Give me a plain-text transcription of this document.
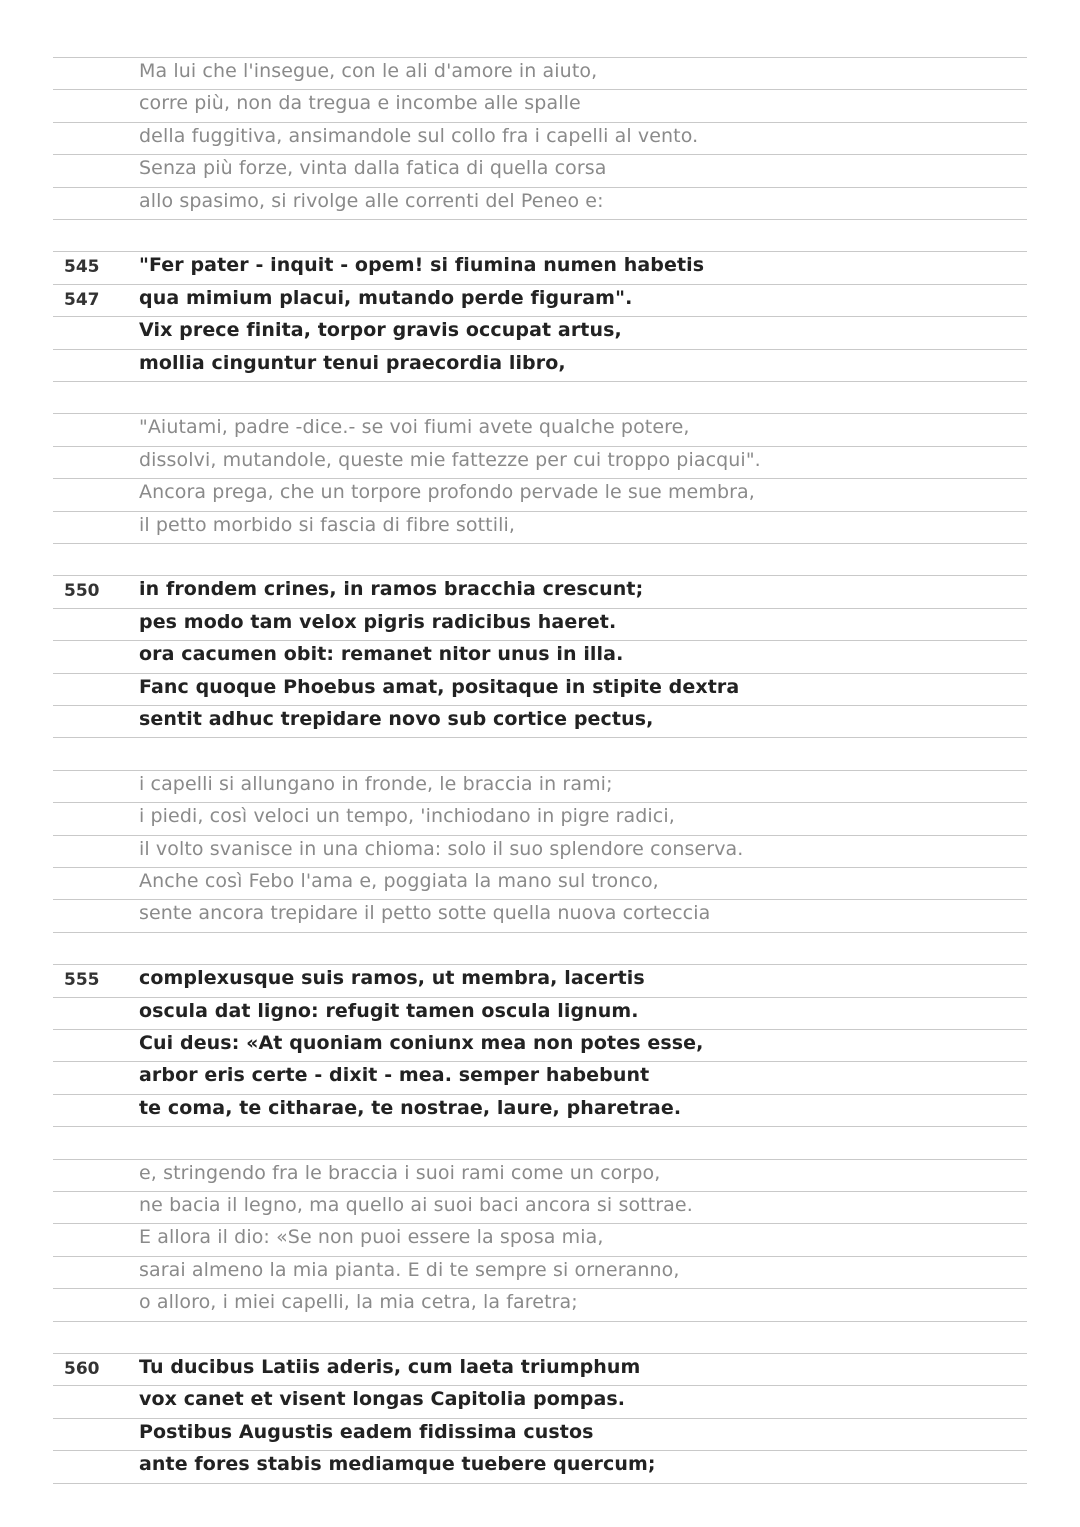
Ma lui che l'insegue, con le ali d'amore in aiuto,
corre più, non da tregua e incombe alle spalle
della fuggitiva, ansimandole sul collo fra i capelli al vento.
Senza più forze, vinta dalla fatica di quella corsa
allo spasimo, si rivolge alle correnti del Peneo e:
545 "Fer pater - inquit - opem! si fiumina numen habetis
547 qua mimium placui, mutando perde figuram".
Vix prece finita, torpor gravis occupat artus,
mollia cinguntur tenui praecordia libro,
"Aiutami, padre -dice.- se voi fiumi avete qualche potere,
dissolvi, mutandole, queste mie fattezze per cui troppo piacqui".
Ancora prega, che un torpore profondo pervade le sue membra,
il petto morbido si fascia di fibre sottili,
550 in frondem crines, in ramos bracchia crescunt;
pes modo tam velox pigris radicibus haeret.
ora cacumen obit: remanet nitor unus in illa.
Fanc quoque Phoebus amat, positaque in stipite dextra
sentit adhuc trepidare novo sub cortice pectus,
i capelli si allungano in fronde, le braccia in rami;
i piedi, così veloci un tempo, 'inchiodano in pigre radici,
il volto svanisce in una chioma: solo il suo splendore conserva.
Anche così Febo l'ama e, poggiata la mano sul tronco,
sente ancora trepidare il petto sotte quella nuova corteccia
555 complexusque suis ramos, ut membra, lacertis
oscula dat ligno: refugit tamen oscula lignum.
Cui deus: «At quoniam coniunx mea non potes esse,
arbor eris certe - dixit - mea. semper habebunt
te coma, te citharae, te nostrae, laure, pharetrae.
e, stringendo fra le braccia i suoi rami come un corpo,
ne bacia il legno, ma quello ai suoi baci ancora si sottrae.
E allora il dio: «Se non puoi essere la sposa mia,
sarai almeno la mia pianta. E di te sempre si orneranno,
o alloro, i miei capelli, la mia cetra, la faretra;
560 Tu ducibus Latiis aderis, cum laeta triumphum
vox canet et visent longas Capitolia pompas.
Postibus Augustis eadem fidissima custos
ante fores stabis mediamque tuebere quercum;
